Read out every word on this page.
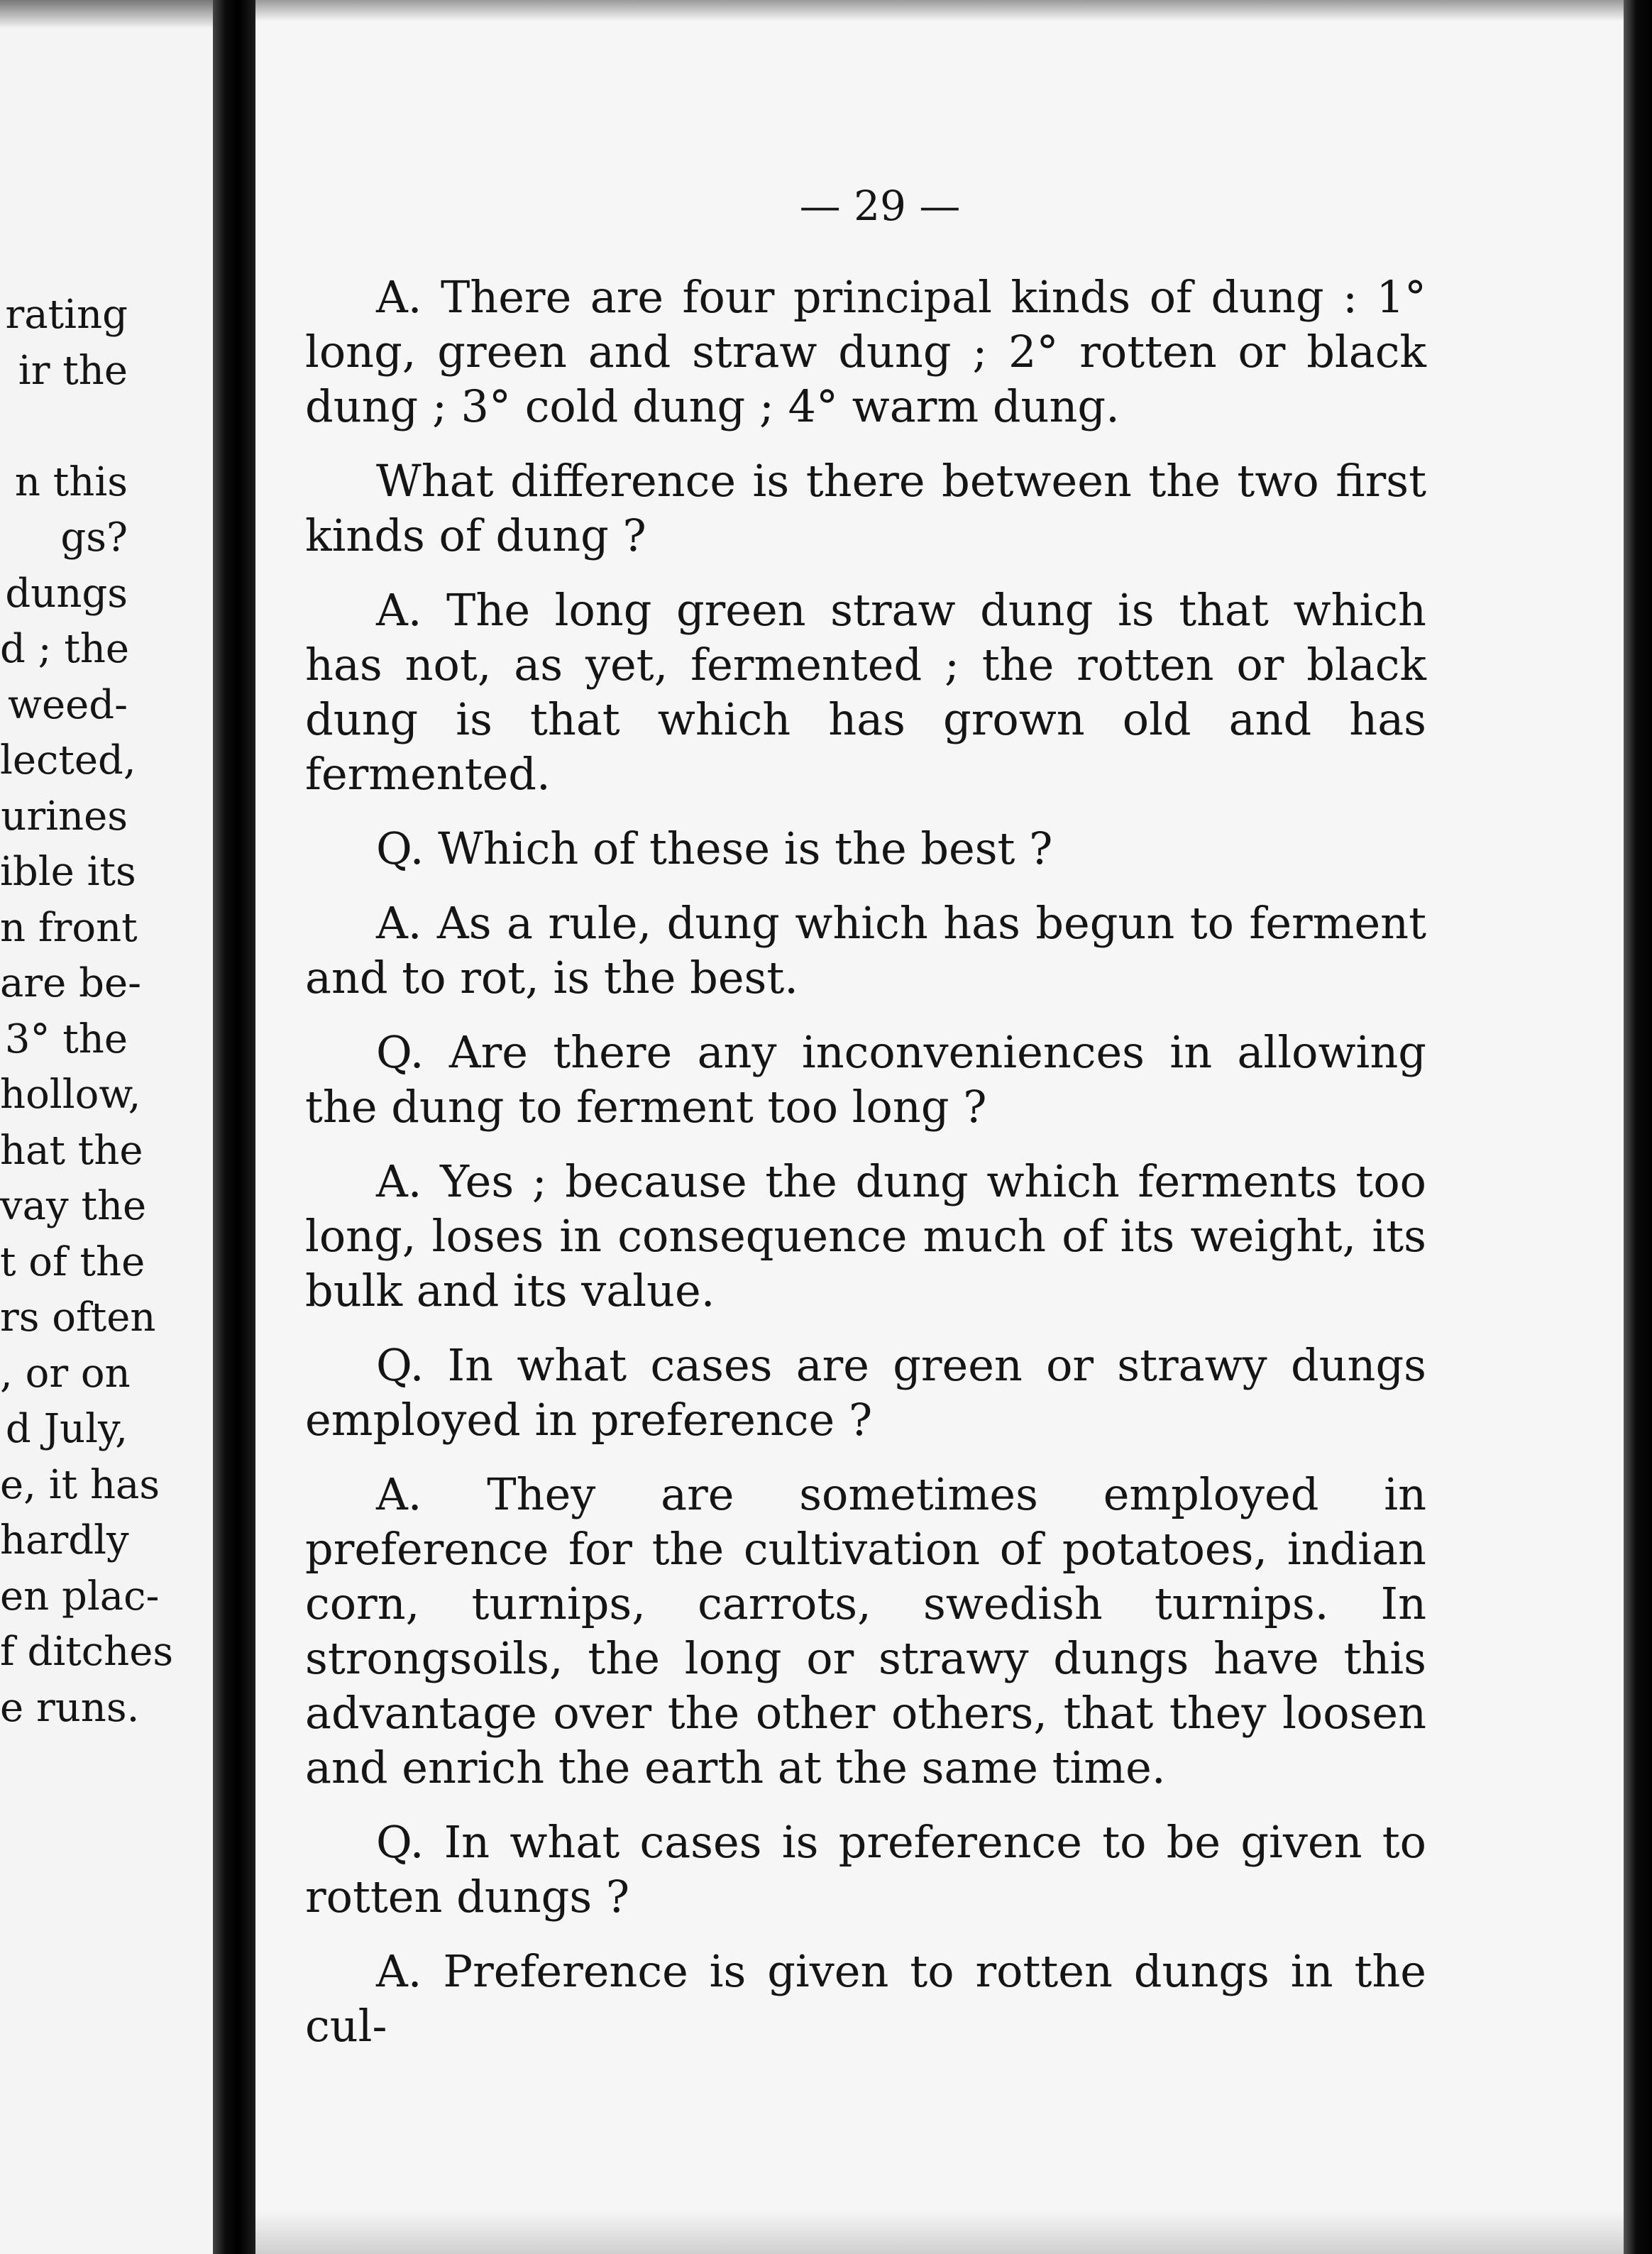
rating
ir the

n this
gs?
dungs
d ; the
weed-
lected,
urines
ible its
n front
are be-
3° the
hollow,
hat the
vay the
t of the
rs often
, or on
d July,
e, it has
hardly
en plac-
f ditches
e runs.
— 29 —

A. There are four principal kinds of dung : 1° long, green and straw dung ; 2° rotten or black dung ; 3° cold dung ; 4° warm dung.

What difference is there between the two first kinds of dung ?

A. The long green straw dung is that which has not, as yet, fermented ; the rotten or black dung is that which has grown old and has fermented.

Q. Which of these is the best ?

A. As a rule, dung which has begun to ferment and to rot, is the best.

Q. Are there any inconveniences in allowing the dung to ferment too long ?

A. Yes ; because the dung which ferments too long, loses in consequence much of its weight, its bulk and its value.

Q. In what cases are green or strawy dungs employed in preference ?

A. They are sometimes employed in preference for the cultivation of potatoes, indian corn, turnips, carrots, swedish turnips. In strongsoils, the long or strawy dungs have this advantage over the other others, that they loosen and enrich the earth at the same time.

Q. In what cases is preference to be given to rotten dungs ?

A. Preference is given to rotten dungs in the cul-
